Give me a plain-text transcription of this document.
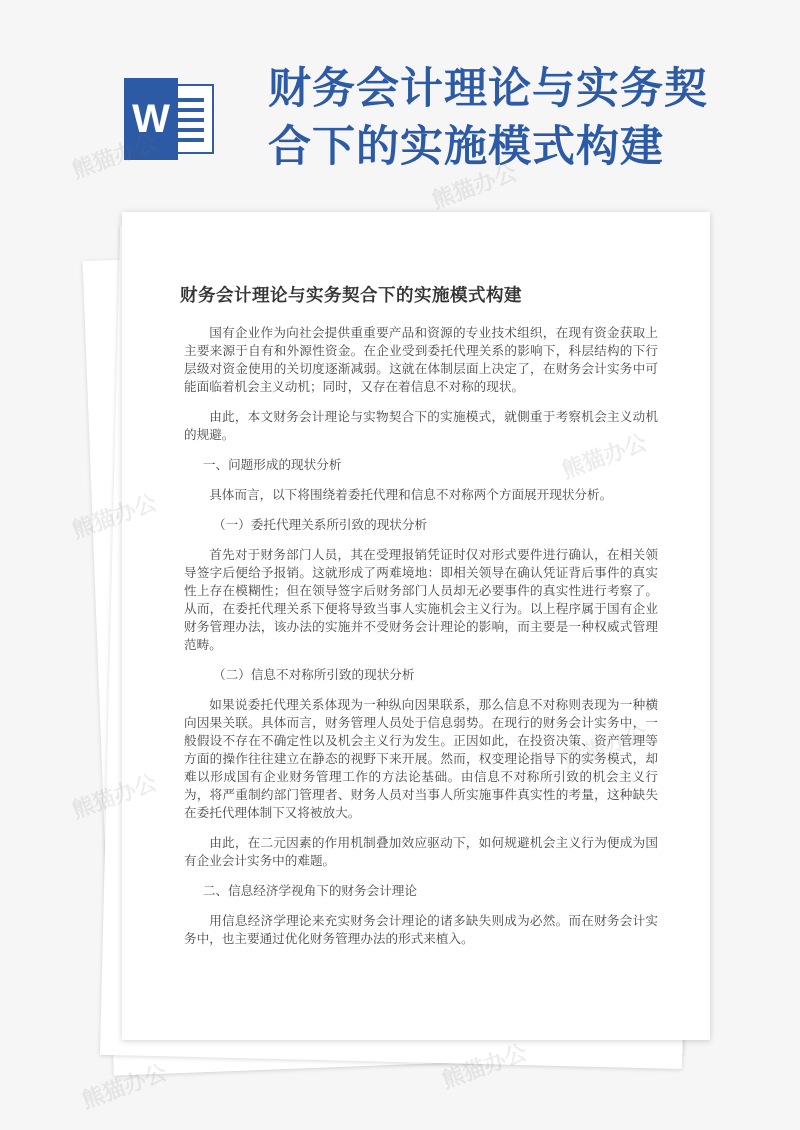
W
财务会计理论与实务契合下的实施模式构建
财务会计理论与实务契合下的实施模式构建

国有企业作为向社会提供重重要产品和资源的专业技术组织，在现有资金获取上主要来源于自有和外源性资金。在企业受到委托代理关系的影响下，科层结构的下行层级对资金使用的关切度逐渐减弱。这就在体制层面上决定了，在财务会计实务中可能面临着机会主义动机；同时，又存在着信息不对称的现状。

由此，本文财务会计理论与实物契合下的实施模式，就側重于考察机会主义动机的规避。

一、问题形成的现状分析

具体而言，以下将围绕着委托代理和信息不对称两个方面展开现状分析。

（一）委托代理关系所引致的现状分析

首先对于财务部门人员，其在受理报销凭证时仅对形式要件进行确认，在相关领导签字后便给予报销。这就形成了两难境地：即相关领导在确认凭证背后事件的真实性上存在模糊性；但在领导签字后财务部门人员却无必要事件的真实性进行考察了。从而，在委托代理关系下便将导致当事人实施机会主义行为。以上程序属于国有企业财务管理办法，该办法的实施并不受财务会计理论的影响，而主要是一种权威式管理范畴。

（二）信息不对称所引致的现状分析

如果说委托代理关系体现为一种纵向因果联系，那么信息不对称则表现为一种横向因果关联。具体而言，财务管理人员处于信息弱势。在现行的财务会计实务中，一般假设不存在不确定性以及机会主义行为发生。正因如此，在投资决策、资产管理等方面的操作往往建立在静态的视野下来开展。然而，权变理论指导下的实务模式，却难以形成国有企业财务管理工作的方法论基础。由信息不对称所引致的机会主义行为，将严重制约部门管理者、财务人员对当事人所实施事件真实性的考量，这种缺失在委托代理体制下又将被放大。

由此，在二元因素的作用机制叠加效应驱动下，如何规避机会主义行为便成为国有企业会计实务中的难题。

二、信息经济学视角下的财务会计理论

用信息经济学理论来充实财务会计理论的诸多缺失则成为必然。而在财务会计实务中，也主要通过优化财务管理办法的形式来植入。

熊猫办公
熊猫办公
熊猫办公	熊猫办公
